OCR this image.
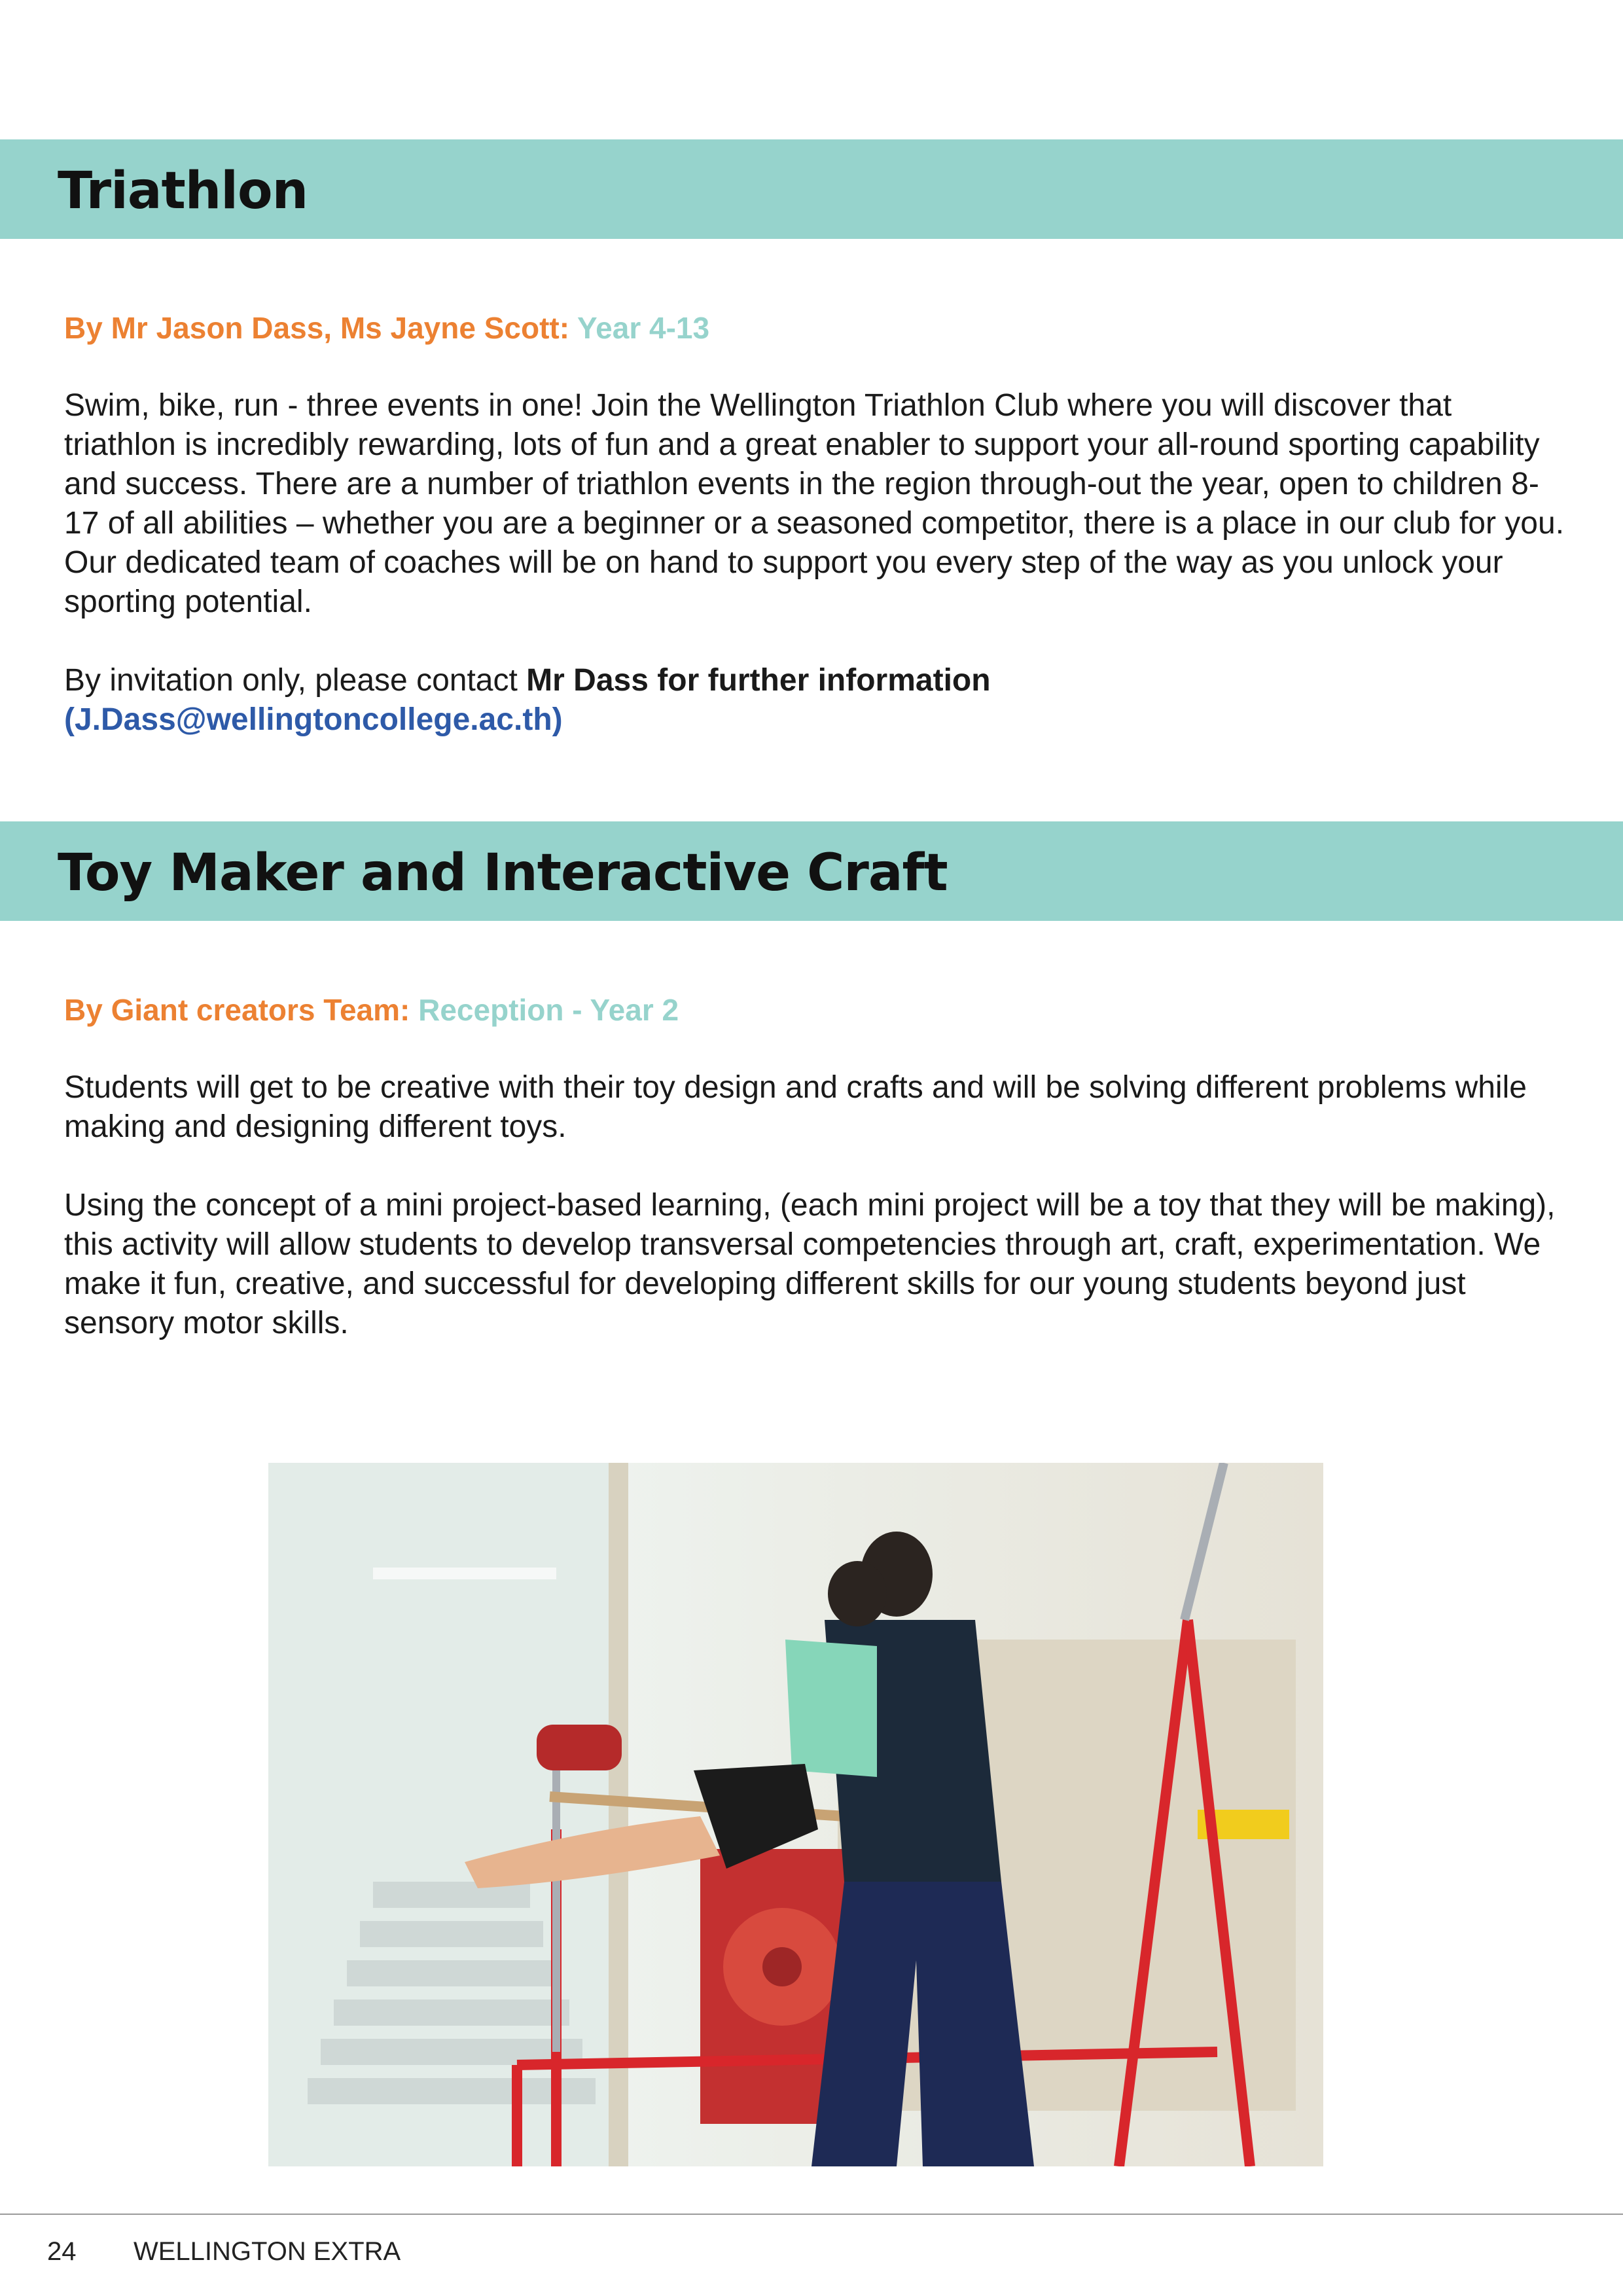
Triathlon
By Mr Jason Dass, Ms Jayne Scott: Year 4-13

Swim, bike, run - three events in one! Join the Wellington Triathlon Club where you will discover that triathlon is incredibly rewarding, lots of fun and a great enabler to support your all-round sporting capability and success. There are a number of triathlon events in the region through-out the year, open to children 8-17 of all abilities – whether you are a beginner or a seasoned competitor, there is a place in our club for you. Our dedicated team of coaches will be on hand to support you every step of the way as you unlock your sporting potential.

By invitation only, please contact Mr Dass for further information
(J.Dass@wellingtoncollege.ac.th)

Toy Maker and Interactive Craft
By Giant creators Team: Reception - Year 2

Students will get to be creative with their toy design and crafts and will be solving different problems while making and designing different toys.

Using the concept of a mini project-based learning, (each mini project will be a toy that they will be making), this activity will allow students to develop transversal competencies through art, craft, experimentation. We make it fun, creative, and successful for developing different skills for our young students beyond just sensory motor skills.

24 WELLINGTON EXTRA
